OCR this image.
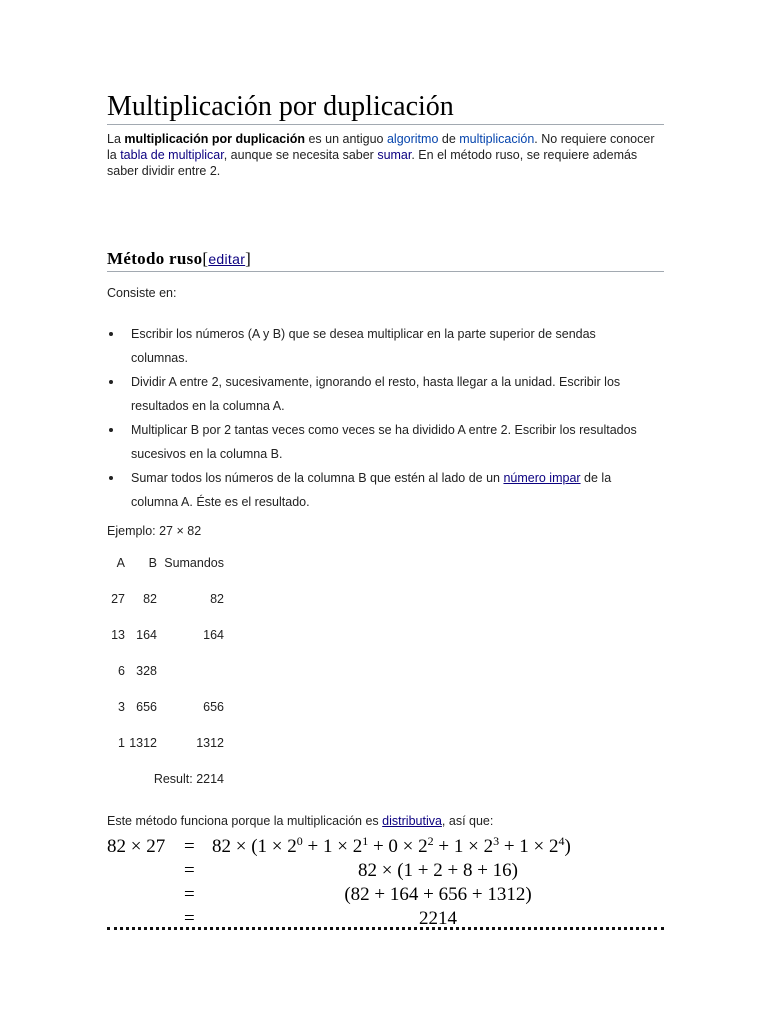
Multiplicación por duplicación

La multiplicación por duplicación es un antiguo algoritmo de multiplicación. No requiere conocer la tabla de multiplicar, aunque se necesita saber sumar. En el método ruso, se requiere además saber dividir entre 2.

Método ruso[editar]

Consiste en:

Escribir los números (A y B) que se desea multiplicar en la parte superior de sendas columnas.
Dividir A entre 2, sucesivamente, ignorando el resto, hasta llegar a la unidad. Escribir los resultados en la columna A.
Multiplicar B por 2 tantas veces como veces se ha dividido A entre 2. Escribir los resultados sucesivos en la columna B.
Sumar todos los números de la columna B que estén al lado de un número impar de la columna A. Éste es el resultado.

Ejemplo: 27 × 82

A	B	Sumandos
27	82	82
13	164	164
6	328	
3	656	656
1	1312	1312
	Result: 2214	

Este método funciona porque la multiplicación es distributiva, así que:

$82 \times 27 = 82 \times (1 \times 2^0 + 1 \times 2^1 + 0 \times 2^2 + 1 \times 2^3 + 1 \times 2^4)$
=	82 × (1 + 2 + 8 + 16)
=	(82 + 164 + 656 + 1312)
=	2214
